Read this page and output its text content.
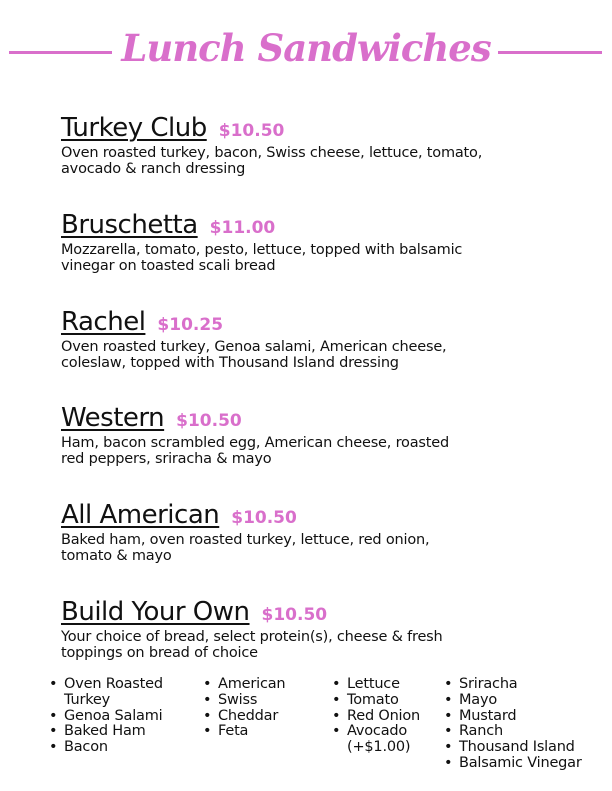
Lunch Sandwiches
Turkey Club $10.50
Oven roasted turkey, bacon, Swiss cheese, lettuce, tomato,
avocado & ranch dressing
Bruschetta $11.00
Mozzarella, tomato, pesto, lettuce, topped with balsamic
vinegar on toasted scali bread
Rachel $10.25
Oven roasted turkey, Genoa salami, American cheese,
coleslaw, topped with Thousand Island dressing
Western $10.50
Ham, bacon scrambled egg, American cheese, roasted
red peppers, sriracha & mayo
All American $10.50
Baked ham, oven roasted turkey, lettuce, red onion,
tomato & mayo
Build Your Own $10.50
Your choice of bread, select protein(s), cheese & fresh
toppings on bread of choice
• Oven Roasted
Turkey
• Genoa Salami
• Baked Ham
• Bacon
• American
• Swiss
• Cheddar
• Feta
• Lettuce
• Tomato
• Red Onion
• Avocado
(+$1.00)
• Sriracha
• Mayo
• Mustard
• Ranch
• Thousand Island
• Balsamic Vinegar
